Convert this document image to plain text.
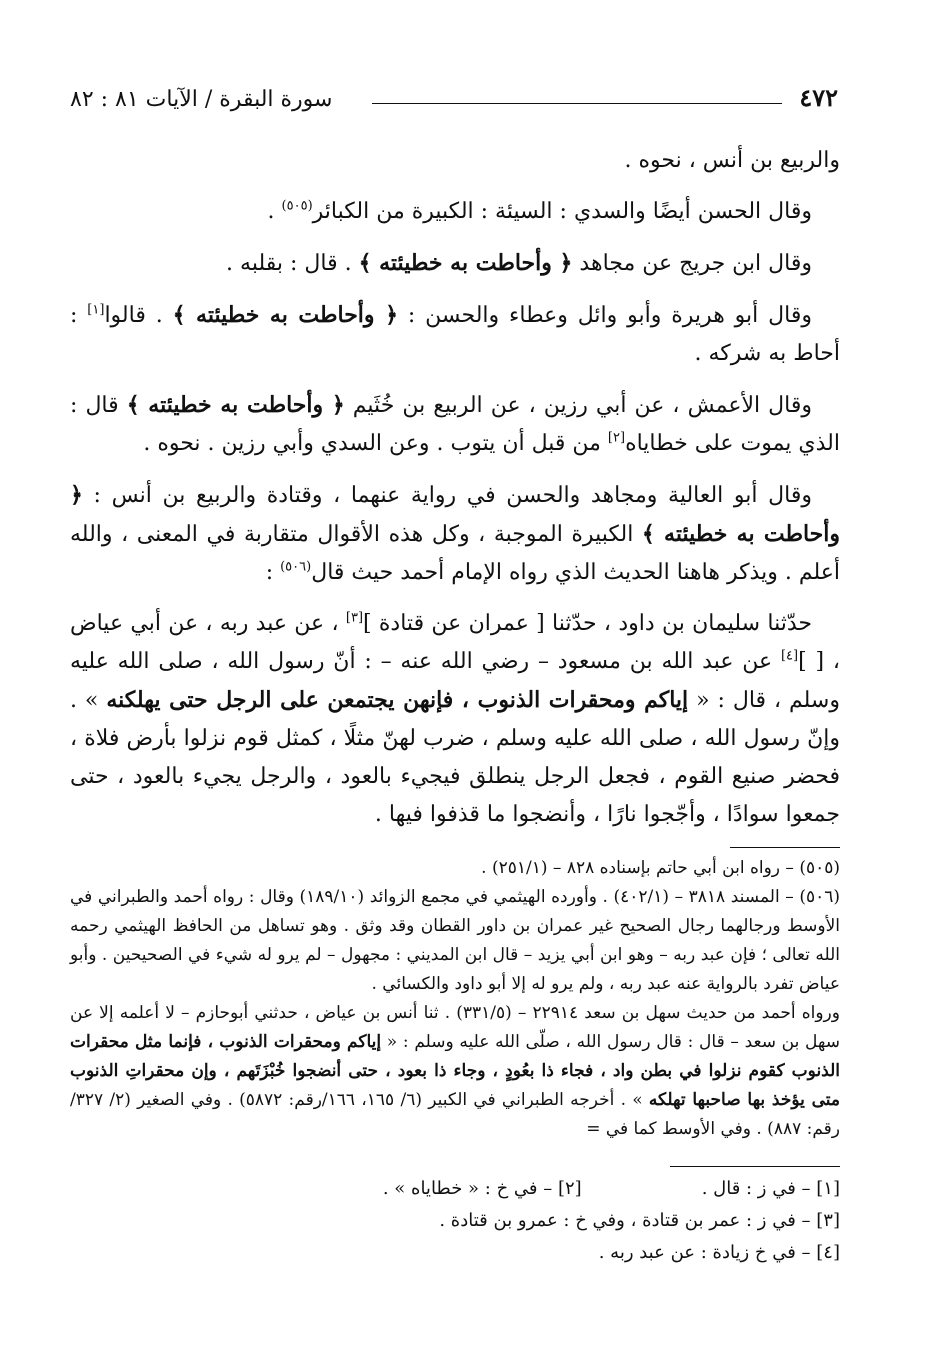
سورة البقرة / الآيات ٨١ : ٨٢	٤٧٢

والربيع بن أنس ، نحوه .

وقال الحسن أيضًا والسدي : السيئة : الكبيرة من الكبائر$^{(٥٠٥)}$ .

وقال ابن جريج عن مجاهد ﴿ وأحاطت به خطيئته ﴾ . قال : بقلبه .

وقال أبو هريرة وأبو وائل وعطاء والحسن : ﴿ وأحاطت به خطيئته ﴾ . قالوا[١] : أحاط به شركه .

وقال الأعمش ، عن أبي رزين ، عن الربيع بن خُثَيم ﴿ وأحاطت به خطيئته ﴾ قال : الذي يموت على خطاياه[٢] من قبل أن يتوب . وعن السدي وأبي رزين . نحوه .

وقال أبو العالية ومجاهد والحسن في رواية عنهما ، وقتادة والربيع بن أنس : ﴿ وأحاطت به خطيئته ﴾ الكبيرة الموجبة ، وكل هذه الأقوال متقاربة في المعنى ، والله أعلم . ويذكر هاهنا الحديث الذي رواه الإمام أحمد حيث قال$^{(٥٠٦)}$ :

حدّثنا سليمان بن داود ، حدّثنا [ عمران عن قتادة ][٣] ، عن عبد ربه ، عن أبي عياض ، [ ][٤] عن عبد الله بن مسعود – رضي الله عنه – : أنّ رسول الله ، صلى الله عليه وسلم ، قال : « إياكم ومحقرات الذنوب ، فإنهن يجتمعن على الرجل حتى يهلكنه » . وإنّ رسول الله ، صلى الله عليه وسلم ، ضرب لهنّ مثلًا ، كمثل قوم نزلوا بأرض فلاة ، فحضر صنيع القوم ، فجعل الرجل ينطلق فيجيء بالعود ، والرجل يجيء بالعود ، حتى جمعوا سوادًا ، وأجّجوا نارًا ، وأنضجوا ما قذفوا فيها .

(٥٠٥) – رواه ابن أبي حاتم بإسناده ٨٢٨ – (٢٥١/١) .

(٥٠٦) – المسند ٣٨١٨ – (٤٠٢/١) . وأورده الهيثمي في مجمع الزوائد (١٨٩/١٠) وقال : رواه أحمد والطبراني في الأوسط ورجالهما رجال الصحيح غير عمران بن داور القطان وقد وثق . وهو تساهل من الحافظ الهيثمي رحمه الله تعالى ؛ فإن عبد ربه – وهو ابن أبي يزيد – قال ابن المديني : مجهول – لم يرو له شيء في الصحيحين . وأبو عياض تفرد بالرواية عنه عبد ربه ، ولم يرو له إلا أبو داود والكسائي .

ورواه أحمد من حديث سهل بن سعد ٢٢٩١٤ – (٣٣١/٥) . ثنا أنس بن عياض ، حدثني أبوحازم – لا أعلمه إلا عن سهل بن سعد – قال : قال رسول الله ، صلّى الله عليه وسلم : « إياكم ومحقرات الذنوب ، فإنما مثل محقرات الذنوب كقوم نزلوا في بطن واد ، فجاء ذا بعُودٍ ، وجاء ذا بعود ، حتى أنضجوا خُبْزَتَهم ، وإن محقراتِ الذنوب متى يؤخذ بها صاحبها تهلكه » . أخرجه الطبراني في الكبير (٦/ ١٦٥، ١٦٦/رقم: ٥٨٧٢) . وفي الصغير (٢/ ٣٢٧/رقم: ٨٨٧) . وفي الأوسط كما في =

[١] – في ز : قال .
[٢] – في خ : « خطاياه » .
[٣] – في ز : عمر بن قتادة ، وفي خ : عمرو بن قتادة .
[٤] – في خ زيادة : عن عبد ربه .
